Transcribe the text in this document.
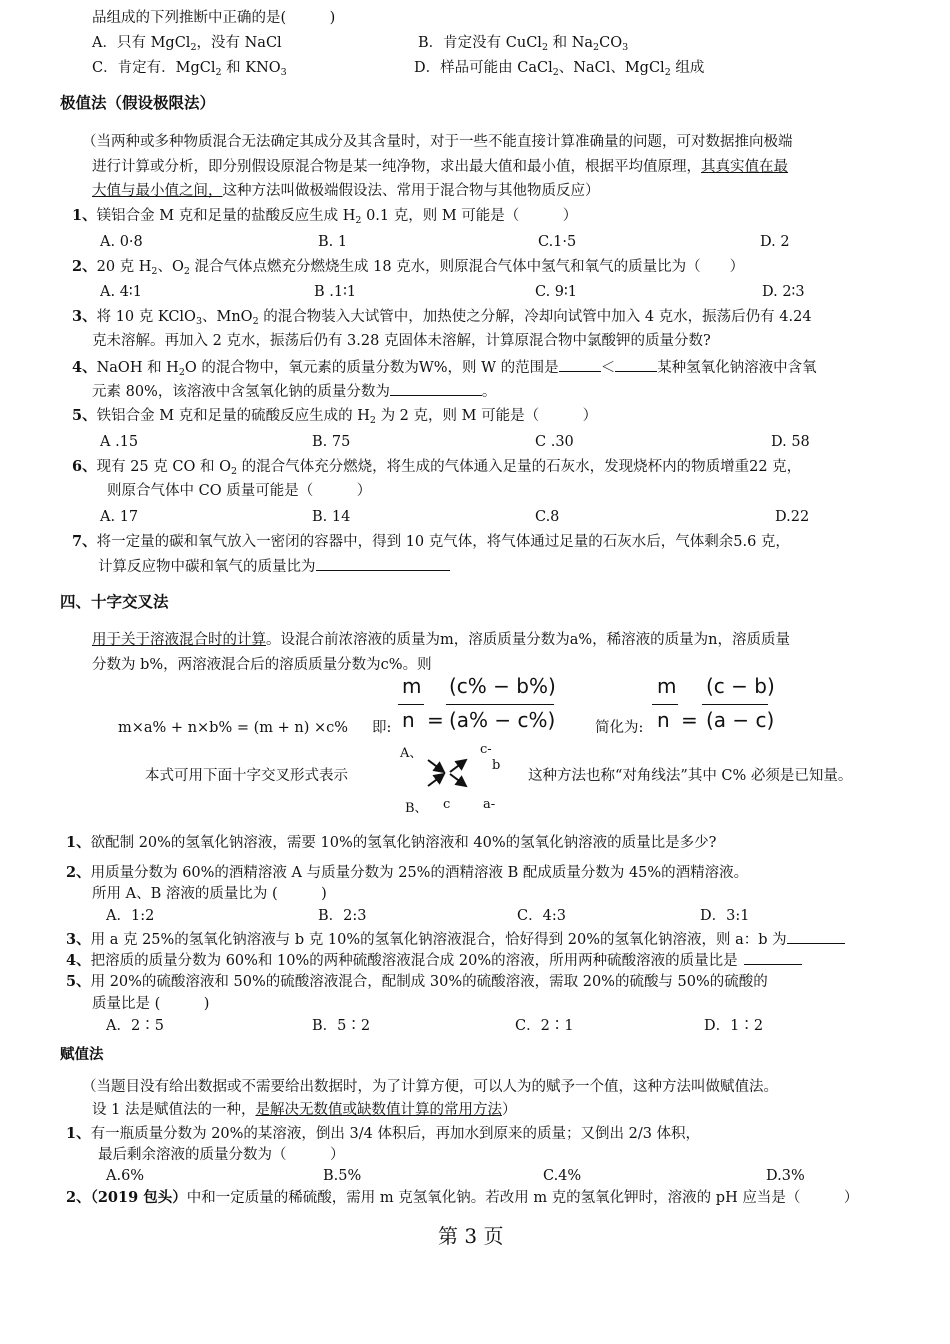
品组成的下列推断中正确的是(　　　)
A．只有 MgCl$_2$，没有 NaCl	B．肯定没有 CuCl$_2$ 和 $Na_2CO_3$
C．肯定有．MgCl$_2$ 和 $KNO_3$	D．样品可能由 CaCl$_2$、NaCl、MgCl$_2$ 组成
极值法（假设极限法）
（当两种或多种物质混合无法确定其成分及其含量时，对于一些不能直接计算准确量的问题，可对数据推向极端
进行计算或分析，即分别假设原混合物是某一纯净物，求出最大值和最小值，根据平均值原理，其真实值在最
大值与最小值之间，这种方法叫做极端假设法、常用于混合物与其他物质反应）
1、镁铝合金 M 克和足量的盐酸反应生成 $H_2$ 0.1 克，则 M 可能是（　　　）
A. 0·8	B. 1	C.1·5	D. 2
2、20 克 $H_2$、$O_2$ 混合气体点燃充分燃烧生成 18 克水，则原混合气体中氢气和氧气的质量比为（　　）
A. 4∶1	B .1∶1	C. 9∶1	D. 2∶3
3、将 10 克 KClO$_3$、MnO$_2$ 的混合物装入大试管中，加热使之分解，冷却向试管中加入 4 克水，振荡后仍有 4.24
克未溶解。再加入 2 克水，振荡后仍有 3.28 克固体未溶解，计算原混合物中氯酸钾的质量分数?
4、NaOH 和 $H_2O$ 的混合物中，氧元素的质量分数为W%，则 W 的范围是	＜	某种氢氧化钠溶液中含氧
元素 80%，该溶液中含氢氧化钠的质量分数为	。
5、铁铝合金 M 克和足量的硫酸反应生成的 $H_2$ 为 2 克，则 M 可能是（　　　）
A .15	B. 75	C .30	D. 58
6、现有 25 克 CO 和 $O_2$ 的混合气体充分燃烧，将生成的气体通入足量的石灰水，发现烧杯内的物质增重22 克，
则原合气体中 CO 质量可能是（　　　）
A. 17	B. 14	C.8	D.22
7、将一定量的碳和氧气放入一密闭的容器中，得到 10 克气体，将气体通过足量的石灰水后，气体剩余5.6 克，
计算反应物中碳和氧气的质量比为
四、十字交叉法
用于关于溶液混合时的计算。设混合前浓溶液的质量为m，溶质质量分数为a%，稀溶液的质量为n，溶质质量
分数为 b%，两溶液混合后的溶质质量分数为c%。则
m×a% + n×b% = (m + n) ×c% 即:
m
n =
(c% − b%)
(a% − c%)	简化为:
m
n =
(c − b)
(a − c)
本式可用下面十字交叉形式表示
A、	c-
b
B、 c	a-
这种方法也称“对角线法”其中 C% 必须是已知量。
1、欲配制 20%的氢氧化钠溶液，需要 10%的氢氧化钠溶液和 40%的氢氧化钠溶液的质量比是多少?
2、用质量分数为 60%的酒精溶液 A 与质量分数为 25%的酒精溶液 B 配成质量分数为 45%的酒精溶液。
所用 A、B 溶液的质量比为 (　　　)
A．1:2	B．2:3	C．4:3	D．3:1
3、用 a 克 25%的氢氧化钠溶液与 b 克 10%的氢氧化钠溶液混合，恰好得到 20%的氢氧化钠溶液，则 a：b 为
4、把溶质的质量分数为 60%和 10%的两种硫酸溶液混合成 20%的溶液，所用两种硫酸溶液的质量比是
5、用 20%的硫酸溶液和 50%的硫酸溶液混合，配制成 30%的硫酸溶液，需取 20%的硫酸与 50%的硫酸的
质量比是 (　　　)
A．2∶5	B．5∶2	C．2∶1	D．1∶2
赋值法
（当题目没有给出数据或不需要给出数据时，为了计算方便，可以人为的赋予一个值，这种方法叫做赋值法。
设 1 法是赋值法的一种，是解决无数值或缺数值计算的常用方法）
1、有一瓶质量分数为 20%的某溶液，倒出 3/4 体积后，再加水到原来的质量；又倒出 2/3 体积，
最后剩余溶液的质量分数为（　　　）
A.6%	B.5%	C.4%	D.3%
2、（2019 包头）中和一定质量的稀硫酸，需用 m 克氢氧化钠。若改用 m 克的氢氧化钾时，溶液的 pH 应当是（　　　）
第 3 页
